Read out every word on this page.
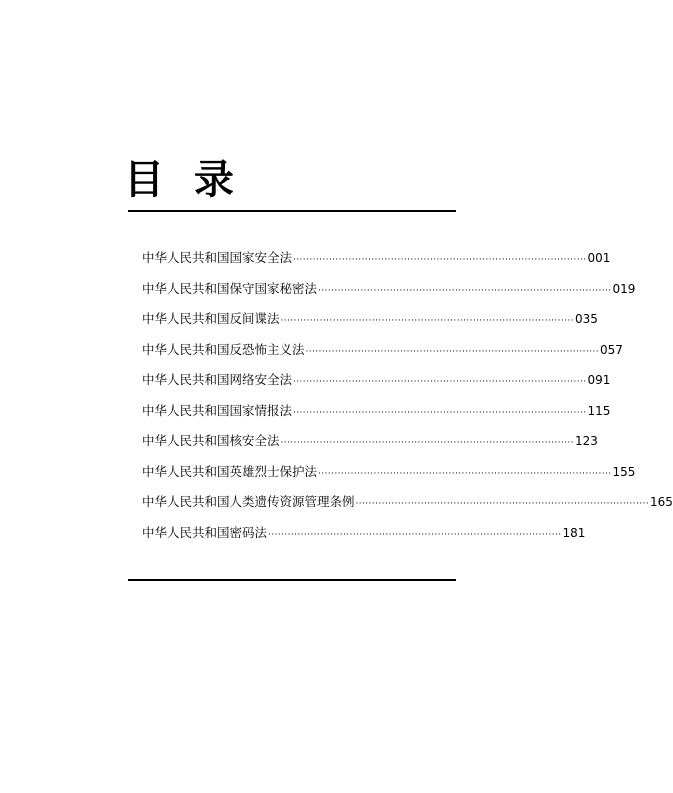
目 录
中华人民共和国国家安全法 ·························································································· 001
中华人民共和国保守国家秘密法 ·························································································· 019
中华人民共和国反间谍法 ·························································································· 035
中华人民共和国反恐怖主义法 ·························································································· 057
中华人民共和国网络安全法 ·························································································· 091
中华人民共和国国家情报法 ·························································································· 115
中华人民共和国核安全法 ·························································································· 123
中华人民共和国英雄烈士保护法 ·························································································· 155
中华人民共和国人类遗传资源管理条例 ·························································································· 165
中华人民共和国密码法 ·························································································· 181
